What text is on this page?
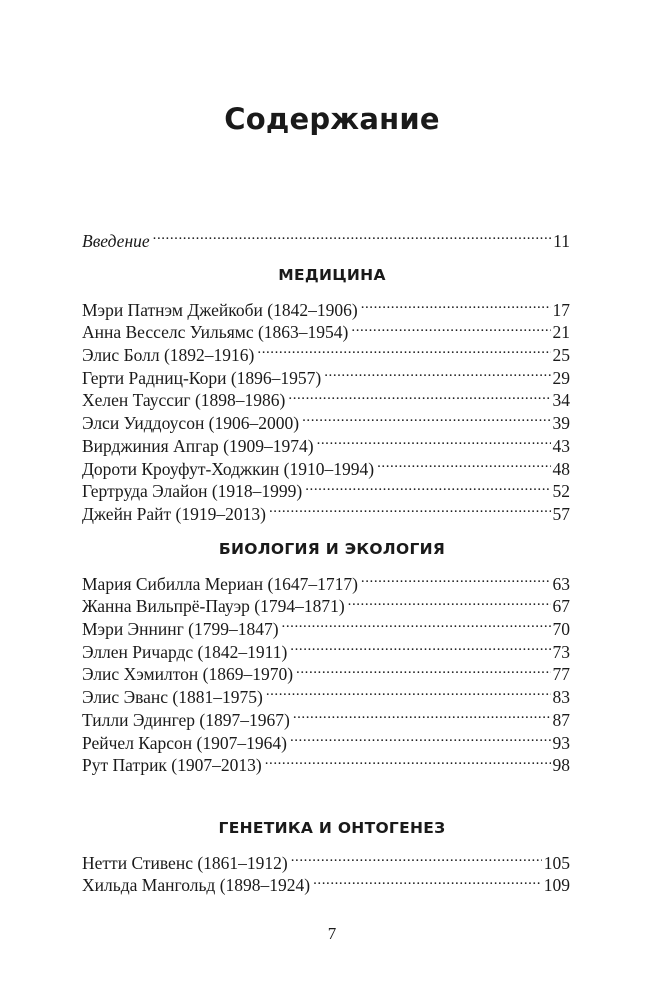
Содержание
Введение . . .	11
МЕДИЦИНА
Мэри Патнэм Джейкоби (1842–1906) . . .	17
Анна Весселс Уильямс (1863–1954) . . .	21
Элис Болл (1892–1916) . . .	25
Герти Радниц-Кори (1896–1957) . . .	29
Хелен Тауссиг (1898–1986) . . .	34
Элси Уиддоусон (1906–2000) . . .	39
Вирджиния Апгар (1909–1974) . . .	43
Дороти Кроуфут-Ходжкин (1910–1994) . . .	48
Гертруда Элайон (1918–1999) . . .	52
Джейн Райт (1919–2013) . . .	57
БИОЛОГИЯ И ЭКОЛОГИЯ
Мария Сибилла Мериан (1647–1717) . . .	63
Жанна Вильпрё-Пауэр (1794–1871) . . .	67
Мэри Эннинг (1799–1847) . . .	70
Эллен Ричардс (1842–1911) . . .	73
Элис Хэмилтон (1869–1970) . . .	77
Элис Эванс (1881–1975) . . .	83
Тилли Эдингер (1897–1967) . . .	87
Рейчел Карсон (1907–1964) . . .	93
Рут Патрик (1907–2013) . . .	98
ГЕНЕТИКА И ОНТОГЕНЕЗ
Нетти Стивенс (1861–1912) . . .	105
Хильда Мангольд (1898–1924) . . .	109
7
